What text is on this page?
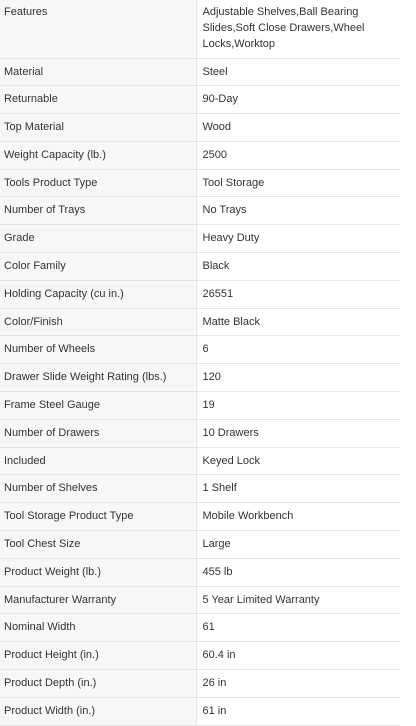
Features	Adjustable Shelves,Ball Bearing Slides,Soft Close Drawers,Wheel Locks,Worktop
Material	Steel
Returnable	90-Day
Top Material	Wood
Weight Capacity (lb.)	2500
Tools Product Type	Tool Storage
Number of Trays	No Trays
Grade	Heavy Duty
Color Family	Black
Holding Capacity (cu in.)	26551
Color/Finish	Matte Black
Number of Wheels	6
Drawer Slide Weight Rating (lbs.)	120
Frame Steel Gauge	19
Number of Drawers	10 Drawers
Included	Keyed Lock
Number of Shelves	1 Shelf
Tool Storage Product Type	Mobile Workbench
Tool Chest Size	Large
Product Weight (lb.)	455 lb
Manufacturer Warranty	5 Year Limited Warranty
Nominal Width	61
Product Height (in.)	60.4 in
Product Depth (in.)	26 in
Product Width (in.)	61 in
